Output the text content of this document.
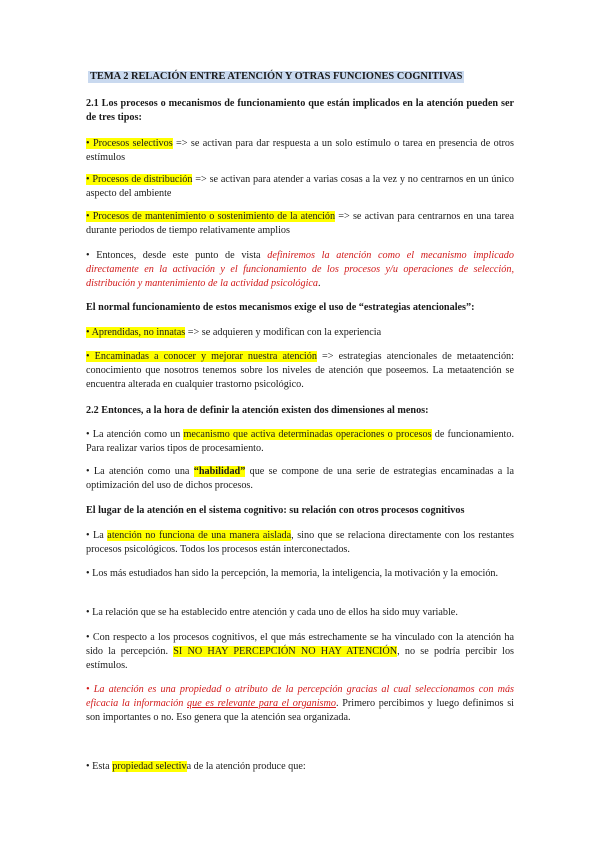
TEMA 2 RELACIÓN ENTRE ATENCIÓN Y OTRAS FUNCIONES COGNITIVAS
2.1 Los procesos o mecanismos de funcionamiento que están implicados en la atención pueden ser de tres tipos:
• Procesos selectivos => se activan para dar respuesta a un solo estímulo o tarea en presencia de otros estímulos
• Procesos de distribución => se activan para atender a varias cosas a la vez y no centrarnos en un único aspecto del ambiente
• Procesos de mantenimiento o sostenimiento de la atención => se activan para centrarnos en una tarea durante periodos de tiempo relativamente amplios
• Entonces, desde este punto de vista definiremos la atención como el mecanismo implicado directamente en la activación y el funcionamiento de los procesos y/u operaciones de selección, distribución y mantenimiento de la actividad psicológica.
El normal funcionamiento de estos mecanismos exige el uso de “estrategias atencionales”:
• Aprendidas, no innatas => se adquieren y modifican con la experiencia
• Encaminadas a conocer y mejorar nuestra atención => estrategias atencionales de metaatención: conocimiento que nosotros tenemos sobre los niveles de atención que poseemos. La metaatención se encuentra alterada en cualquier trastorno psicológico.
2.2 Entonces, a la hora de definir la atención existen dos dimensiones al menos:
• La atención como un mecanismo que activa determinadas operaciones o procesos de funcionamiento. Para realizar varios tipos de procesamiento.
• La atención como una “habilidad” que se compone de una serie de estrategias encaminadas a la optimización del uso de dichos procesos.
El lugar de la atención en el sistema cognitivo: su relación con otros procesos cognitivos
• La atención no funciona de una manera aislada, sino que se relaciona directamente con los restantes procesos psicológicos. Todos los procesos están interconectados.
• Los más estudiados han sido la percepción, la memoria, la inteligencia, la motivación y la emoción.
• La relación que se ha establecido entre atención y cada uno de ellos ha sido muy variable.
• Con respecto a los procesos cognitivos, el que más estrechamente se ha vinculado con la atención ha sido la percepción. SI NO HAY PERCEPCIÓN NO HAY ATENCIÓN, no se podría percibir los estímulos.
• La atención es una propiedad o atributo de la percepción gracias al cual seleccionamos con más eficacia la información que es relevante para el organismo. Primero percibimos y luego definimos si son importantes o no. Eso genera que la atención sea organizada.
• Esta propiedad selectiva de la atención produce que:
